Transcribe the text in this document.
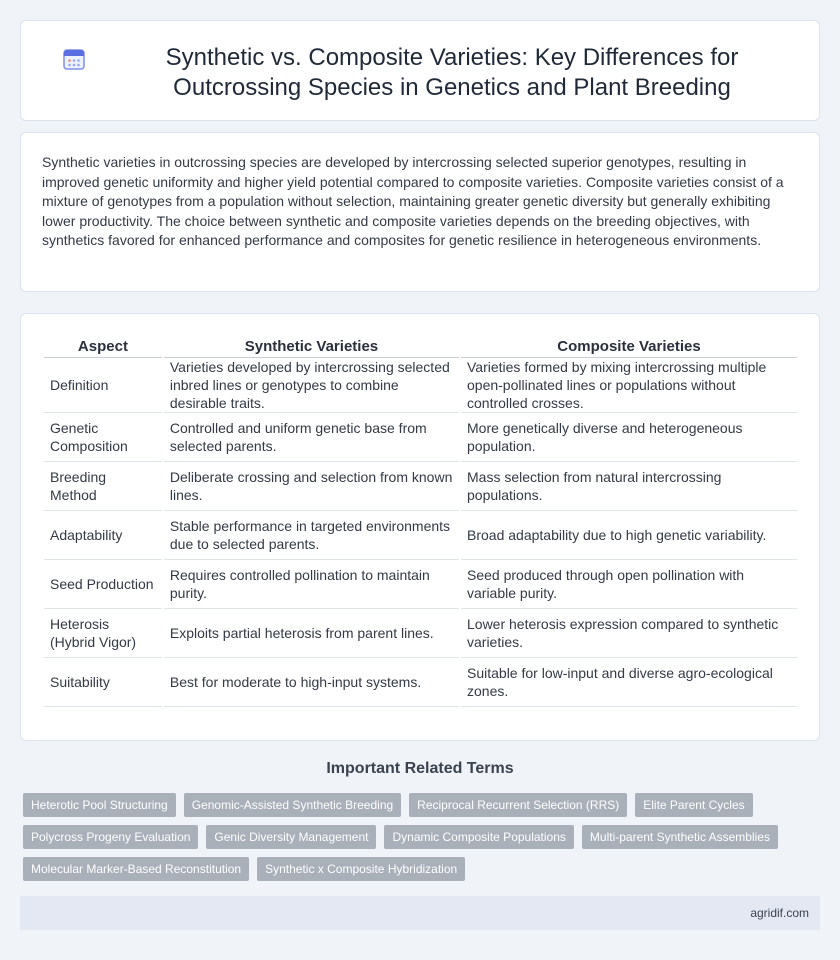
Synthetic vs. Composite Varieties: Key Differences for Outcrossing Species in Genetics and Plant Breeding

Synthetic varieties in outcrossing species are developed by intercrossing selected superior genotypes, resulting in improved genetic uniformity and higher yield potential compared to composite varieties. Composite varieties consist of a mixture of genotypes from a population without selection, maintaining greater genetic diversity but generally exhibiting lower productivity. The choice between synthetic and composite varieties depends on the breeding objectives, with synthetics favored for enhanced performance and composites for genetic resilience in heterogeneous environments.

Aspect	Synthetic Varieties	Composite Varieties
Definition	Varieties developed by intercrossing selected inbred lines or genotypes to combine desirable traits.	Varieties formed by mixing intercrossing multiple open-pollinated lines or populations without controlled crosses.
Genetic Composition	Controlled and uniform genetic base from selected parents.	More genetically diverse and heterogeneous population.
Breeding Method	Deliberate crossing and selection from known lines.	Mass selection from natural intercrossing populations.
Adaptability	Stable performance in targeted environments due to selected parents.	Broad adaptability due to high genetic variability.
Seed Production	Requires controlled pollination to maintain purity.	Seed produced through open pollination with variable purity.
Heterosis (Hybrid Vigor)	Exploits partial heterosis from parent lines.	Lower heterosis expression compared to synthetic varieties.
Suitability	Best for moderate to high-input systems.	Suitable for low-input and diverse agro-ecological zones.
Important Related Terms
Heterotic Pool Structuring	Genomic-Assisted Synthetic Breeding	Reciprocal Recurrent Selection (RRS)	Elite Parent Cycles
Polycross Progeny Evaluation	Genic Diversity Management	Dynamic Composite Populations	Multi-parent Synthetic Assemblies
Molecular Marker-Based Reconstitution	Synthetic x Composite Hybridization
agridif.com
